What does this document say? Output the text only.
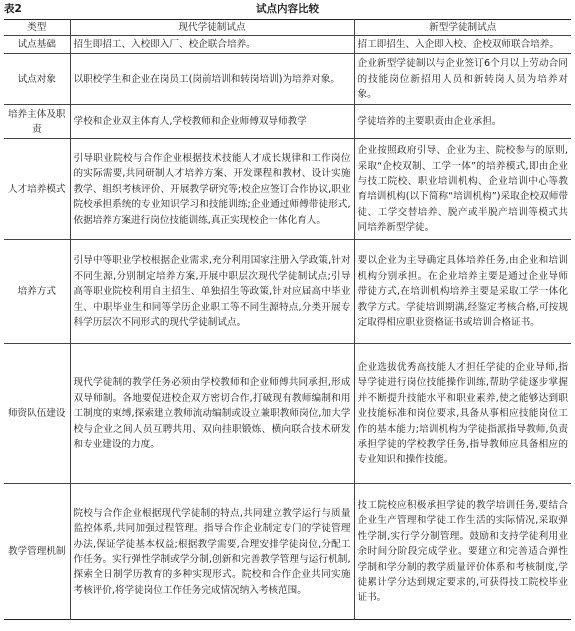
试点内容比较
表2
类型	现代学徒制试点	新型学徒制试点
试点基础	招生即招工、入校即入厂、校企联合培养。	招工即招生、入企即入校、企校双师联合培养。
试点对象	以职校学生和企业在岗员工(岗前培训和转岗培训)为培养对象。	企业新型学徒制以与企业签订6个月以上劳动合同的技能岗位新招用人员和新转岗人员为培养对象。
培养主体及职责	学校和企业双主体育人,学校教师和企业师傅双导师教学	学徒培养的主要职责由企业承担。
人才培养模式	引导职业院校与合作企业根据技术技能人才成长规律和工作岗位的实际需要,共同研制人才培养方案、开发课程和教材、设计实施教学、组织考核评价、开展教学研究等;校企应签订合作协议,职业院校承担系统的专业知识学习和技能训练;企业通过师傅带徒形式,依据培养方案进行岗位技能训练,真正实现校企一体化育人。	企业按照政府引导、企业为主、院校参与的原则,采取“企校双制、工学一体”的培养模式,即由企业与技工院校、职业培训机构、企业培训中心等教育培训机构(以下简称“培训机构”)采取企校双师带徒、工学交替培养、脱产或半脱产培训等模式共同培养新型学徒。
培养方式	引导中等职业学校根据企业需求,充分利用国家注册入学政策,针对不同生源,分别制定培养方案,开展中职层次现代学徒制试点;引导高等职业院校利用自主招生、单独招生等政策,针对应届高中毕业生、中职毕业生和同等学历企业职工等不同生源特点,分类开展专科学历层次不同形式的现代学徒制试点。	要以企业为主导确定具体培养任务,由企业和培训机构分别承担。在企业培养主要是通过企业导师带徒方式,在培训机构培养主要是采取工学一体化教学方式。学徒培训期满,经鉴定考核合格,可按规定取得相应职业资格证书或培训合格证书。
师资队伍建设	现代学徒制的教学任务必须由学校教师和企业师傅共同承担,形成双导师制。各地要促进校企双方密切合作,打破现有教师编制和用工制度的束缚,探索建立教师流动编制或设立兼职教师岗位,加大学校与企业之间人员互聘共用、双向挂职锻炼、横向联合技术研发和专业建设的力度。	企业选拔优秀高技能人才担任学徒的企业导师,指导学徒进行岗位技能操作训练,帮助学徒逐步掌握并不断提升技能水平和职业素养,使之能够达到职业技能标准和岗位要求,具备从事相应技能岗位工作的基本能力;培训机构为学徒指派指导教师,负责承担学徒的学校教学任务,指导教师应具备相应的专业知识和操作技能。
教学管理机制	院校与合作企业根据现代学徒制的特点,共同建立教学运行与质量监控体系,共同加强过程管理。指导合作企业制定专门的学徒管理办法,保证学徒基本权益;根据教学需要,合理安排学徒岗位,分配工作任务。实行弹性学制或学分制,创新和完善教学管理与运行机制,探索全日制学历教育的多种实现形式。院校和合作企业共同实施考核评价,将学徒岗位工作任务完成情况纳入考核范围。	技工院校应积极承担学徒的教学培训任务,要结合企业生产管理和学徒工作生活的实际情况,采取弹性学制,实行学分制管理。鼓励和支持学徒利用业余时间分阶段完成学业。要建立和完善适合弹性学制和学分制的教学质量评价体系和考核制度,学徒累计学分达到规定要求的,可获得技工院校毕业证书。
